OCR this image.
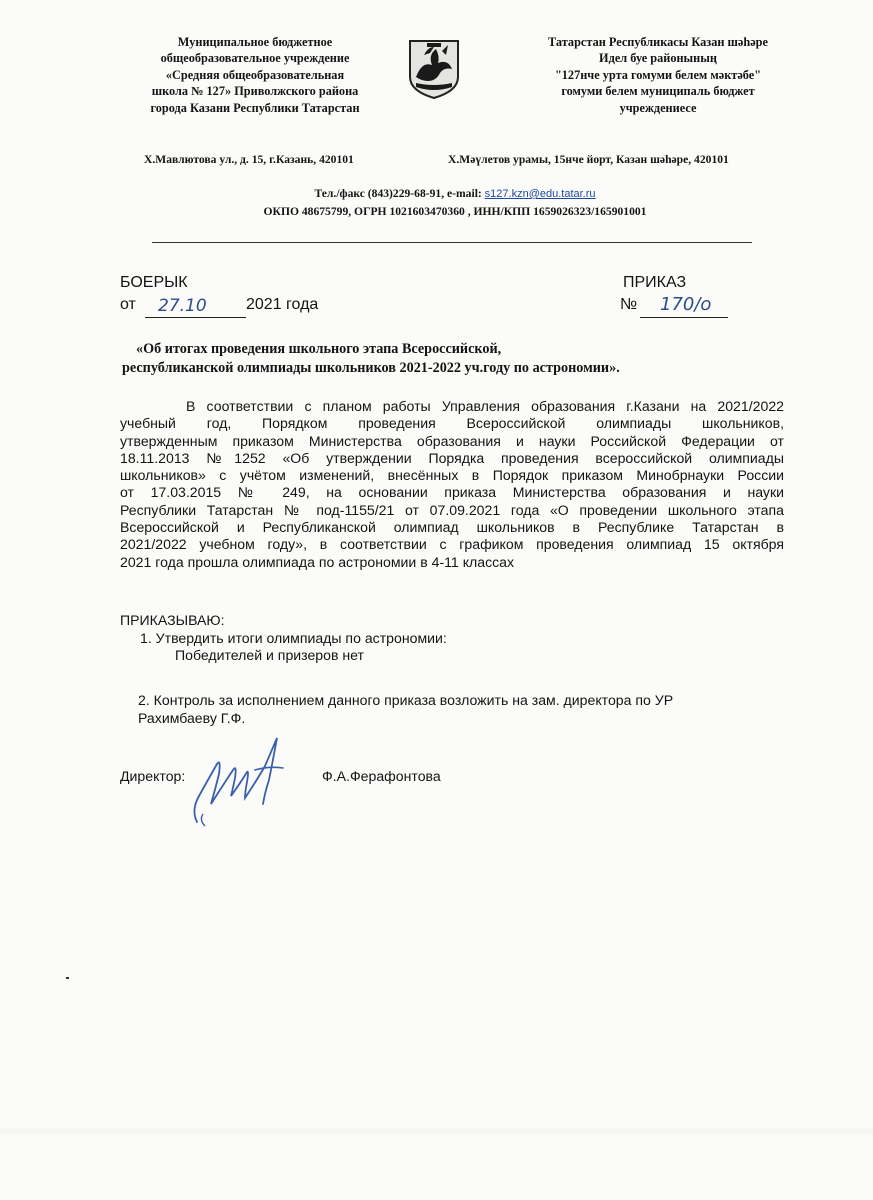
Муниципальное бюджетное
общеобразовательное учреждение
«Средняя общеобразовательная
школа № 127» Приволжского района
города Казани Республики Татарстан
Татарстан Республикасы Казан шәһәре
Идел буе районының
"127нче урта гомуми белем мәктәбе"
гомуми белем муниципаль бюджет
учреждениесе
Х.Мавлютова ул., д. 15, г.Казань, 420101	Х.Мәүлетов урамы, 15нче йорт, Казан шәһәре, 420101
Тел./факс (843)229-68-91, e-mail: s127.kzn@edu.tatar.ru
ОКПО 48675799, ОГРН 1021603470360 , ИНН/КПП 1659026323/165901001
БОЕРЫК	ПРИКАЗ
от 27.10 2021 года	№ 170/о
«Об итогах проведения школьного этапа Всероссийской,
республиканской олимпиады школьников 2021-2022 уч.году по астрономии».

В соответствии с планом работы Управления образования г.Казани на 2021/2022

учебный год, Порядком проведения Всероссийской олимпиады школьников,

утвержденным приказом Министерства образования и науки Российской Федерации от

18.11.2013 №1252 «Об утверждении Порядка проведения всероссийской олимпиады

школьников» с учётом изменений, внесённых в Порядок приказом Минобрнауки России

от 17.03.2015 № 249, на основании приказа Министерства образования и науки

Республики Татарстан № под-1155/21 от 07.09.2021 года «О проведении школьного этапа

Всероссийской и Республиканской олимпиад школьников в Республике Татарстан в

2021/2022 учебном году», в соответствии с графиком проведения олимпиад 15 октября

2021 года прошла олимпиада по астрономии в 4-11 классах

ПРИКАЗЫВАЮ:
1. Утвердить итоги олимпиады по астрономии:
Победителей и призеров нет
2. Контроль за исполнением данного приказа возложить на зам. директора по УР
Рахимбаеву Г.Ф.
Директор:	Ф.А.Ферафонтова
